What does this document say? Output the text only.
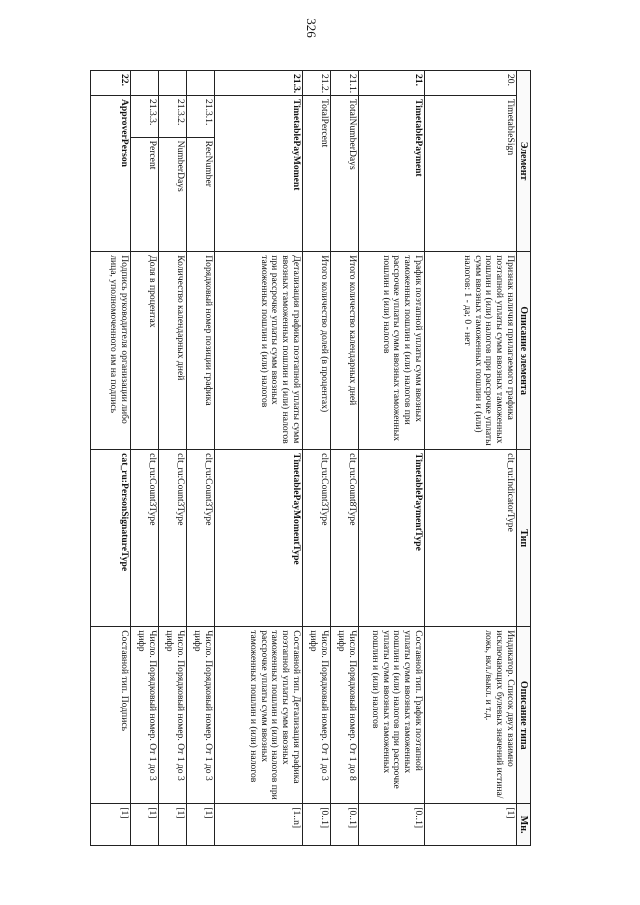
326
Элемент			Описание элемента	Тип	Описание типа	Мн.
20.	TimetableSign		Признак наличия прилагаемого графика поэтапной уплаты сумм ввозных таможенных пошлин и (или) налогов при рассрочке уплаты сумм ввозных таможенных пошлин и (или) налогов: 1 - да; 0 - нет	clt_ru:IndicatorType	Индикатор. Список двух взаимно исключающих булевых значений истина/ложь, вкл./выкл. и т.д.	[1]
21.	TimetablePayment		График поэтапной уплаты сумм ввозных таможенных пошлин и (или) налогов при рассрочке уплаты сумм ввозных таможенных пошлин и (или) налогов	TimetablePaymentType	Составной тип. График поэтапной уплаты сумм ввозных таможенных пошлин и (или) налогов при рассрочке уплаты сумм ввозных таможенных пошлин и (или) налогов	[0..1]
21.1.	TotalNumberDays		Итого количество календарных дней	clt_ru:Count8Type	Число. Порядковый номер. От 1 до 8 цифр	[0..1]
21.2.	TotalPercent		Итого количество долей (в процентах)	clt_ru:Count3Type	Число. Порядковый номер. От 1 до 3 цифр	[0..1]
21.3.	TimetablePayMoment		Детализация графика поэтапной уплаты сумм ввозных таможенных пошлин и (или) налогов при рассрочке уплаты сумм ввозных таможенных пошлин и (или) налогов	TimetablePayMomentType	Составной тип. Детализация графика поэтапной уплаты сумм ввозных таможенных пошлин и (или) налогов при рассрочке уплаты сумм ввозных таможенных пошлин и (или) налогов	[1..n]
	21.3.1.	RecNumber	Порядковый номер позиции графика	clt_ru:Count3Type	Число. Порядковый номер. От 1 до 3 цифр	[1]
	21.3.2.	NumberDays	Количество календарных дней	clt_ru:Count3Type	Число. Порядковый номер. От 1 до 3 цифр	[1]
	21.3.3.	Percent	Доля в процентах	clt_ru:Count3Type	Число. Порядковый номер. От 1 до 3 цифр	[1]
22.	ApproverPerson		Подпись руководителя организации либо лица, уполномоченного им на подпись	cat_ru:PersonSignatureType	Составной тип. Подпись	[1]
